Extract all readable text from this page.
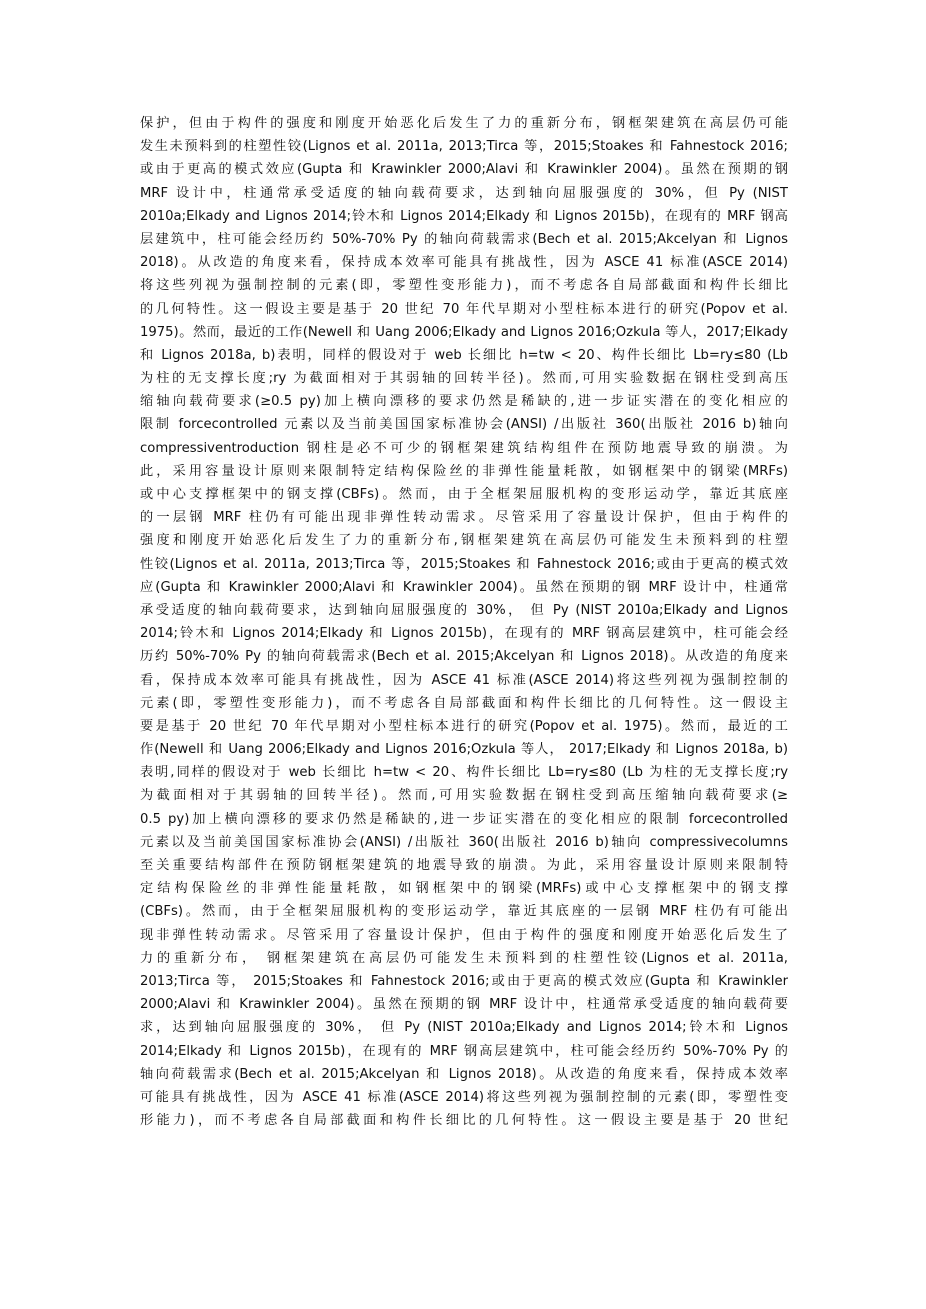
保护，但由于构件的强度和刚度开始恶化后发生了力的重新分布，钢框架建筑在高层仍可能
发生未预料到的柱塑性铰(Lignos et al. 2011a, 2013;Tirca 等，2015;Stoakes 和 Fahnestock 2016;
或由于更高的模式效应(Gupta 和 Krawinkler 2000;Alavi 和 Krawinkler 2004)。虽然在预期的钢
MRF 设计中，柱通常承受适度的轴向载荷要求，达到轴向屈服强度的 30%，但 Py (NIST
2010a;Elkady and Lignos 2014;铃木和 Lignos 2014;Elkady 和 Lignos 2015b)，在现有的 MRF 钢高
层建筑中，柱可能会经历约 50%-70% Py 的轴向荷载需求(Bech et al. 2015;Akcelyan 和 Lignos
2018)。从改造的角度来看，保持成本效率可能具有挑战性，因为 ASCE 41 标准(ASCE 2014)
将这些列视为强制控制的元素(即，零塑性变形能力)，而不考虑各自局部截面和构件长细比
的几何特性。这一假设主要是基于 20 世纪 70 年代早期对小型柱标本进行的研究(Popov et al.
1975)。然而，最近的工作(Newell 和 Uang 2006;Elkady and Lignos 2016;Ozkula 等人，2017;Elkady
和 Lignos 2018a, b)表明，同样的假设对于 web 长细比 h=tw < 20、构件长细比 Lb=ry≤80 (Lb
为柱的无支撑长度;ry 为截面相对于其弱轴的回转半径)。然而,可用实验数据在钢柱受到高压
缩轴向载荷要求(≥0.5 py)加上横向漂移的要求仍然是稀缺的,进一步证实潜在的变化相应的
限制 forcecontrolled 元素以及当前美国国家标准协会(ANSI) /出版社 360(出版社 2016 b)轴向
compressiventroduction 钢柱是必不可少的钢框架建筑结构组件在预防地震导致的崩溃。为
此，采用容量设计原则来限制特定结构保险丝的非弹性能量耗散，如钢框架中的钢梁(MRFs)
或中心支撑框架中的钢支撑(CBFs)。然而，由于全框架屈服机构的变形运动学，靠近其底座
的一层钢 MRF 柱仍有可能出现非弹性转动需求。尽管采用了容量设计保护，但由于构件的
强度和刚度开始恶化后发生了力的重新分布,钢框架建筑在高层仍可能发生未预料到的柱塑
性铰(Lignos et al. 2011a, 2013;Tirca 等，2015;Stoakes 和 Fahnestock 2016;或由于更高的模式效
应(Gupta 和 Krawinkler 2000;Alavi 和 Krawinkler 2004)。虽然在预期的钢 MRF 设计中，柱通常
承受适度的轴向载荷要求，达到轴向屈服强度的 30%， 但 Py (NIST 2010a;Elkady and Lignos
2014;铃木和 Lignos 2014;Elkady 和 Lignos 2015b)，在现有的 MRF 钢高层建筑中，柱可能会经
历约 50%-70% Py 的轴向荷载需求(Bech et al. 2015;Akcelyan 和 Lignos 2018)。从改造的角度来
看，保持成本效率可能具有挑战性，因为 ASCE 41 标准(ASCE 2014)将这些列视为强制控制的
元素(即，零塑性变形能力)，而不考虑各自局部截面和构件长细比的几何特性。这一假设主
要是基于 20 世纪 70 年代早期对小型柱标本进行的研究(Popov et al. 1975)。然而，最近的工
作(Newell 和 Uang 2006;Elkady and Lignos 2016;Ozkula 等人， 2017;Elkady 和 Lignos 2018a, b)
表明,同样的假设对于 web 长细比 h=tw < 20、构件长细比 Lb=ry≤80 (Lb 为柱的无支撑长度;ry
为截面相对于其弱轴的回转半径)。然而,可用实验数据在钢柱受到高压缩轴向载荷要求(≥
0.5 py)加上横向漂移的要求仍然是稀缺的,进一步证实潜在的变化相应的限制 forcecontrolled
元素以及当前美国国家标准协会(ANSI) /出版社 360(出版社 2016 b)轴向 compressivecolumns
至关重要结构部件在预防钢框架建筑的地震导致的崩溃。为此，采用容量设计原则来限制特
定结构保险丝的非弹性能量耗散，如钢框架中的钢梁(MRFs)或中心支撑框架中的钢支撑
(CBFs)。然而，由于全框架屈服机构的变形运动学，靠近其底座的一层钢 MRF 柱仍有可能出
现非弹性转动需求。尽管采用了容量设计保护，但由于构件的强度和刚度开始恶化后发生了
力的重新分布， 钢框架建筑在高层仍可能发生未预料到的柱塑性铰(Lignos et al. 2011a,
2013;Tirca 等， 2015;Stoakes 和 Fahnestock 2016;或由于更高的模式效应(Gupta 和 Krawinkler
2000;Alavi 和 Krawinkler 2004)。虽然在预期的钢 MRF 设计中，柱通常承受适度的轴向载荷要
求，达到轴向屈服强度的 30%， 但 Py (NIST 2010a;Elkady and Lignos 2014;铃木和 Lignos
2014;Elkady 和 Lignos 2015b)，在现有的 MRF 钢高层建筑中，柱可能会经历约 50%-70% Py 的
轴向荷载需求(Bech et al. 2015;Akcelyan 和 Lignos 2018)。从改造的角度来看，保持成本效率
可能具有挑战性，因为 ASCE 41 标准(ASCE 2014)将这些列视为强制控制的元素(即，零塑性变
形能力)，而不考虑各自局部截面和构件长细比的几何特性。这一假设主要是基于 20 世纪
